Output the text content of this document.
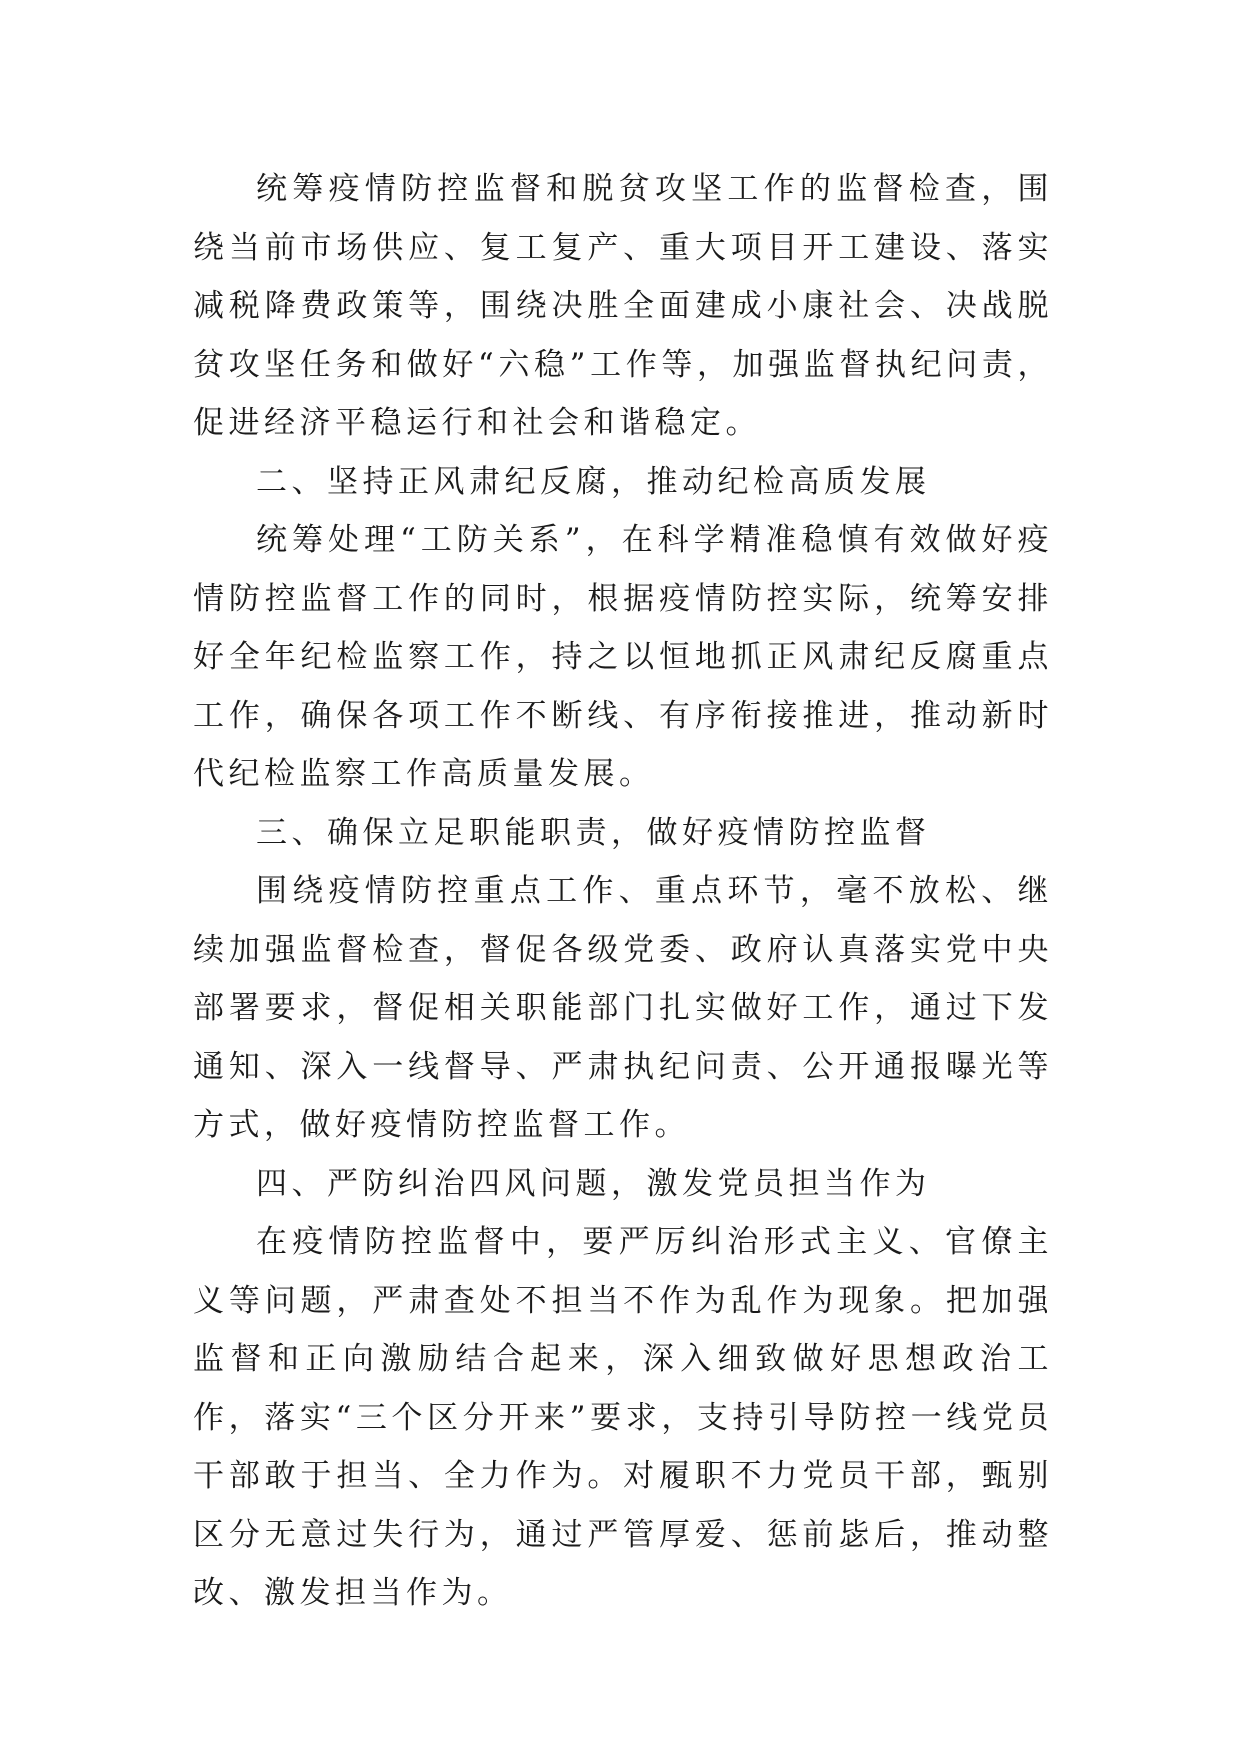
统筹疫情防控监督和脱贫攻坚工作的监督检查，围绕当前市场供应、复工复产、重大项目开工建设、落实减税降费政策等，围绕决胜全面建成小康社会、决战脱贫攻坚任务和做好“六稳”工作等，加强监督执纪问责，促进经济平稳运行和社会和谐稳定。

二、坚持正风肃纪反腐，推动纪检高质发展

统筹处理“工防关系”，在科学精准稳慎有效做好疫情防控监督工作的同时，根据疫情防控实际，统筹安排好全年纪检监察工作，持之以恒地抓正风肃纪反腐重点工作，确保各项工作不断线、有序衔接推进，推动新时代纪检监察工作高质量发展。

三、确保立足职能职责，做好疫情防控监督

围绕疫情防控重点工作、重点环节，毫不放松、继续加强监督检查，督促各级党委、政府认真落实党中央部署要求，督促相关职能部门扎实做好工作，通过下发通知、深入一线督导、严肃执纪问责、公开通报曝光等方式，做好疫情防控监督工作。

四、严防纠治四风问题，激发党员担当作为

在疫情防控监督中，要严厉纠治形式主义、官僚主义等问题，严肃查处不担当不作为乱作为现象。把加强监督和正向激励结合起来，深入细致做好思想政治工作，落实“三个区分开来”要求，支持引导防控一线党员干部敢于担当、全力作为。对履职不力党员干部，甄别区分无意过失行为，通过严管厚爱、惩前毖后，推动整改、激发担当作为。
